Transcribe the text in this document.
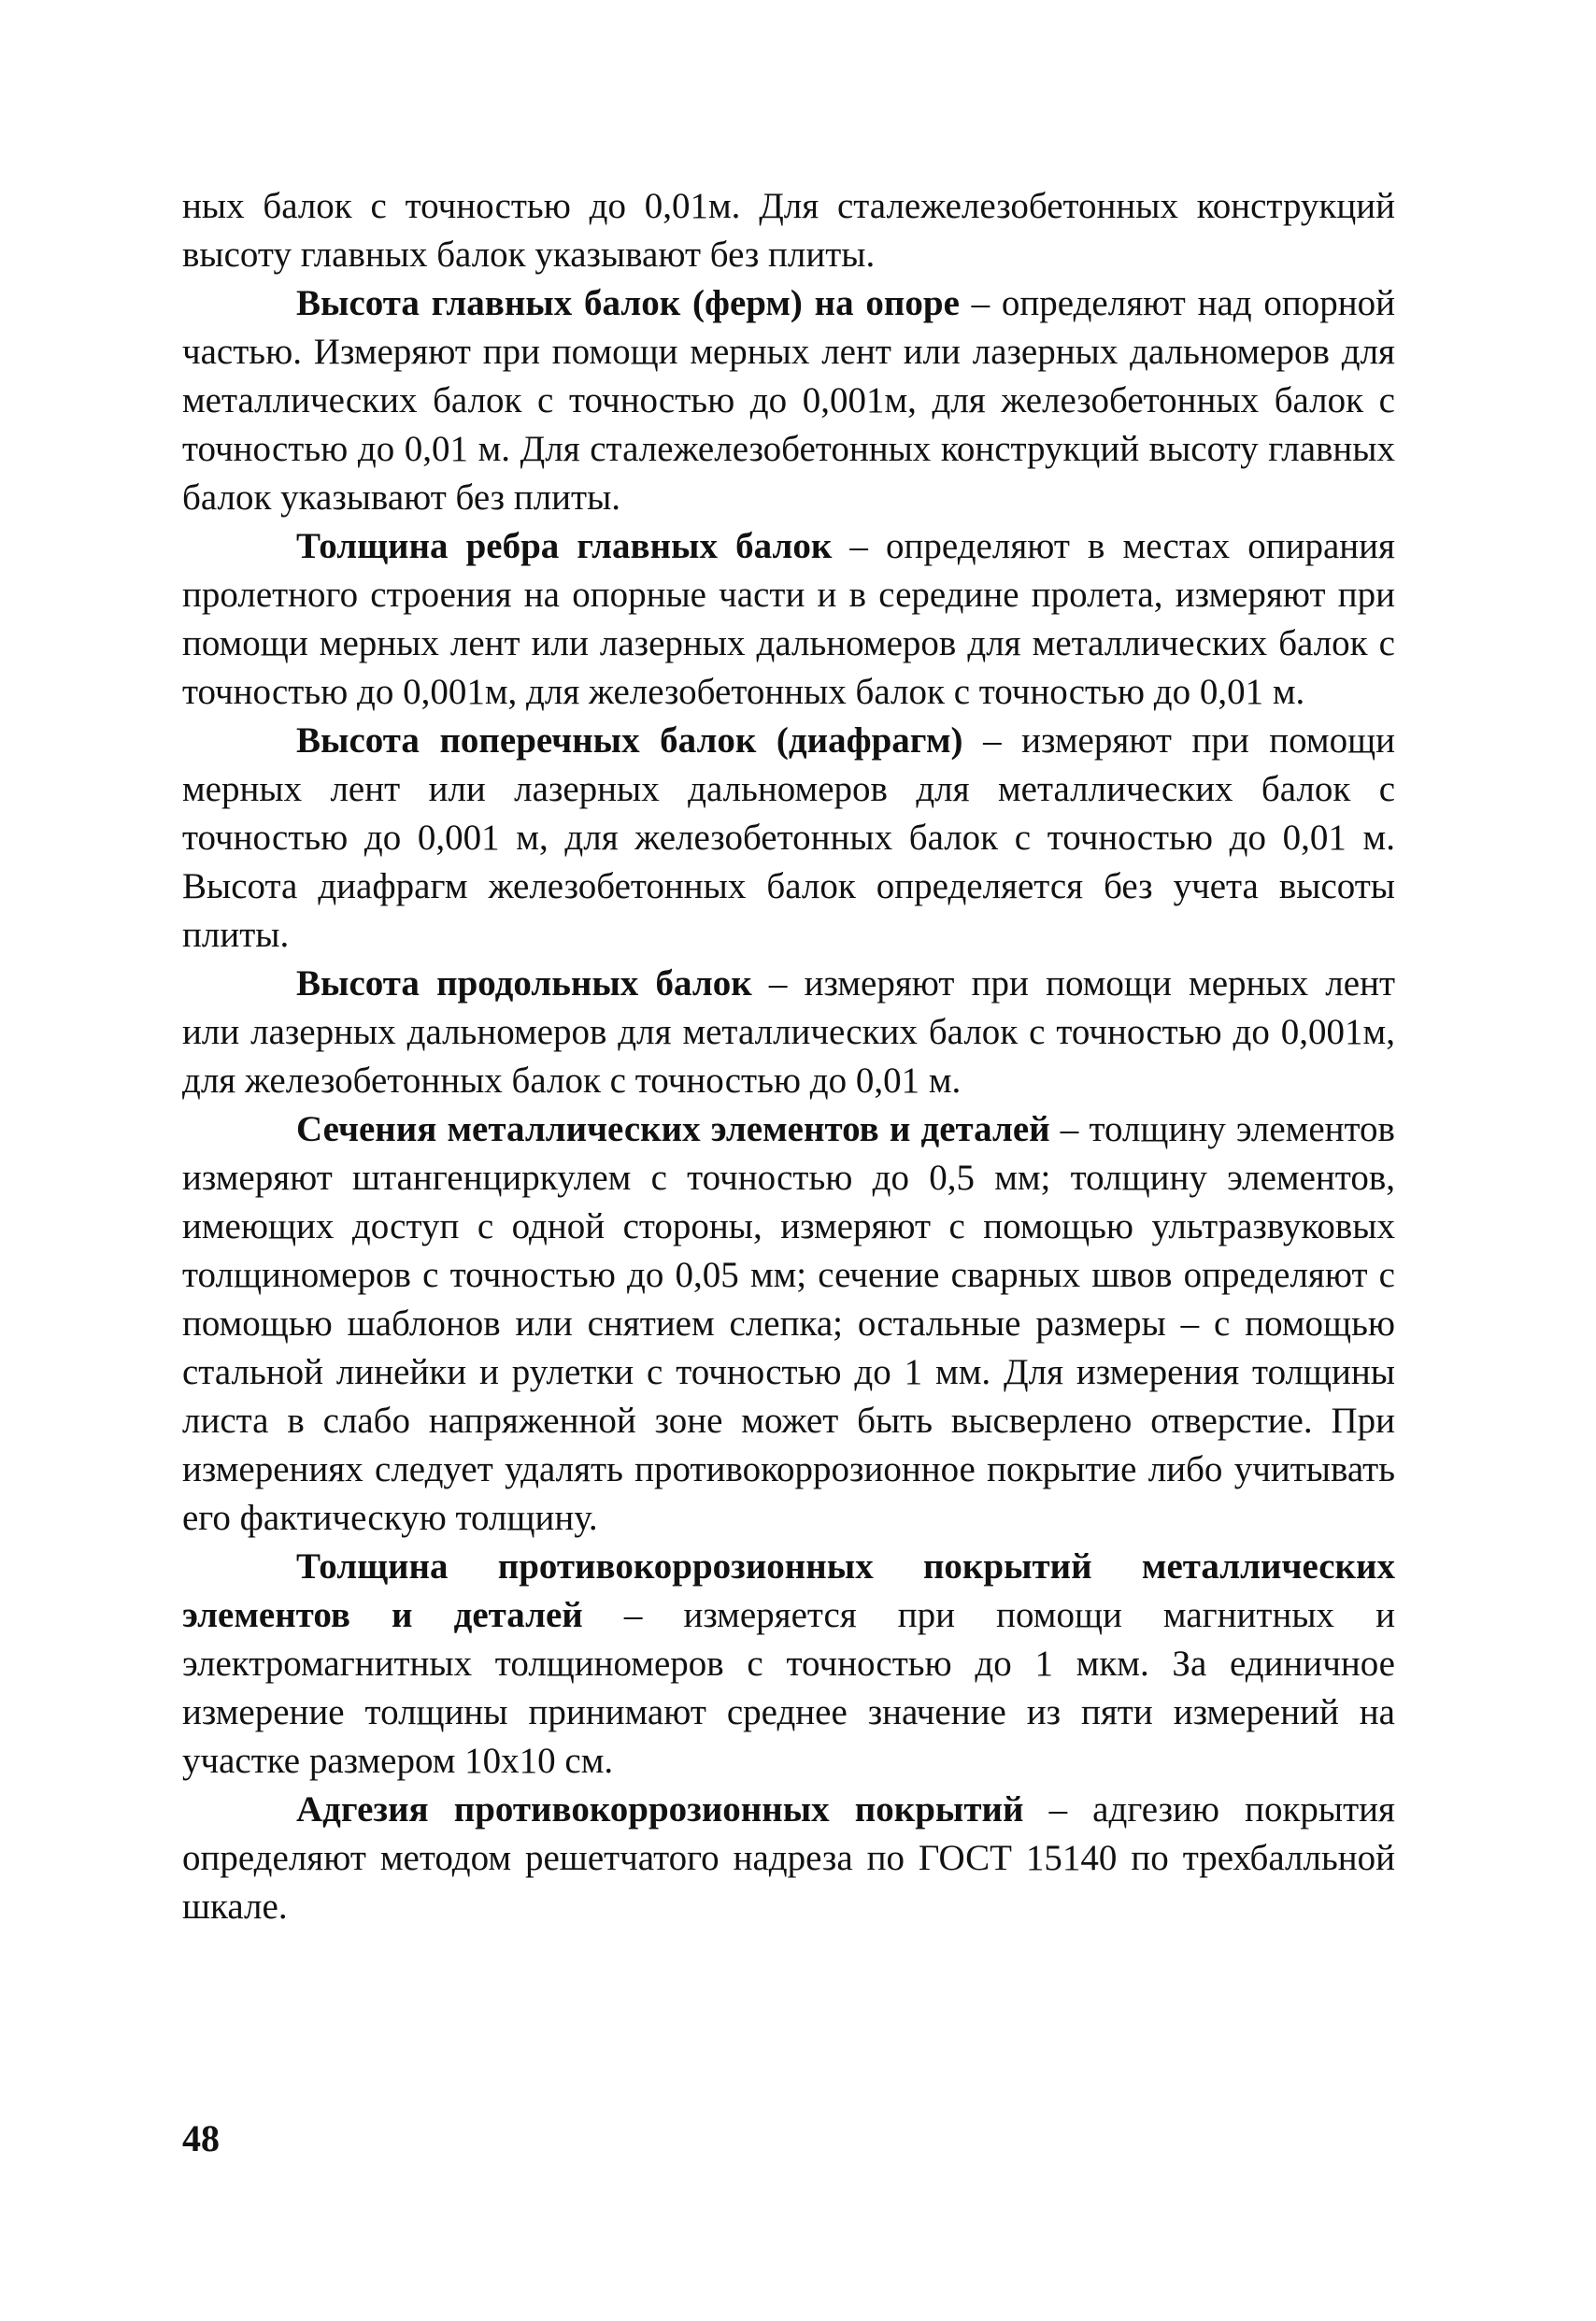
ных балок с точностью до 0,01м. Для сталежелезобетонных конструкций высоту главных балок указывают без плиты.

Высота главных балок (ферм) на опоре – определяют над опорной частью. Измеряют при помощи мерных лент или лазерных дальномеров для металлических балок с точностью до 0,001м, для железобетонных балок с точностью до 0,01 м. Для сталежелезобетонных конструкций высоту главных балок указывают без плиты.

Толщина ребра главных балок – определяют в местах опирания пролетного строения на опорные части и в середине пролета, измеряют при помощи мерных лент или лазерных дальномеров для металлических балок с точностью до 0,001м, для железобетонных балок с точностью до 0,01 м.

Высота поперечных балок (диафрагм) – измеряют при помощи мерных лент или лазерных дальномеров для металлических балок с точностью до 0,001 м, для железобетонных балок с точностью до 0,01 м. Высота диафрагм железобетонных балок определяется без учета высоты плиты.

Высота продольных балок – измеряют при помощи мерных лент или лазерных дальномеров для металлических балок с точностью до 0,001м, для железобетонных балок с точностью до 0,01 м.

Сечения металлических элементов и деталей – толщину элементов измеряют штангенциркулем с точностью до 0,5 мм; толщину элементов, имеющих доступ с одной стороны, измеряют с помощью ультразвуковых толщиномеров с точностью до 0,05 мм; сечение сварных швов определяют с помощью шаблонов или снятием слепка; остальные размеры – с помощью стальной линейки и рулетки с точностью до 1 мм. Для измерения толщины листа в слабо напряженной зоне может быть высверлено отверстие. При измерениях следует удалять противокоррозионное покрытие либо учитывать его фактическую толщину.

Толщина противокоррозионных покрытий металлических элементов и деталей – измеряется при помощи магнитных и электромагнитных толщиномеров с точностью до 1 мкм. За единичное измерение толщины принимают среднее значение из пяти измерений на участке размером 10х10 см.

Адгезия противокоррозионных покрытий – адгезию покрытия определяют методом решетчатого надреза по ГОСТ 15140 по трехбалльной шкале.

48
